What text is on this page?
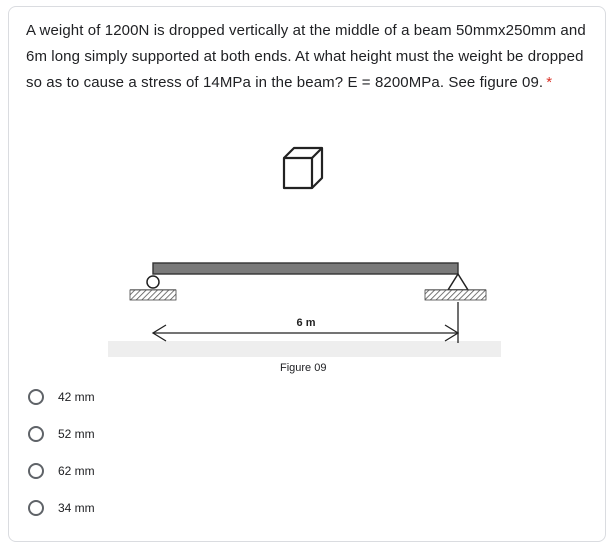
A weight of 1200N is dropped vertically at the middle of a beam 50mmx250mm and 6m long simply supported at both ends. At what height must the weight be dropped so as to cause a stress of 14MPa in the beam? E = 8200MPa. See figure 09. *
6 m
Figure 09
42 mm
52 mm
62 mm
34 mm
